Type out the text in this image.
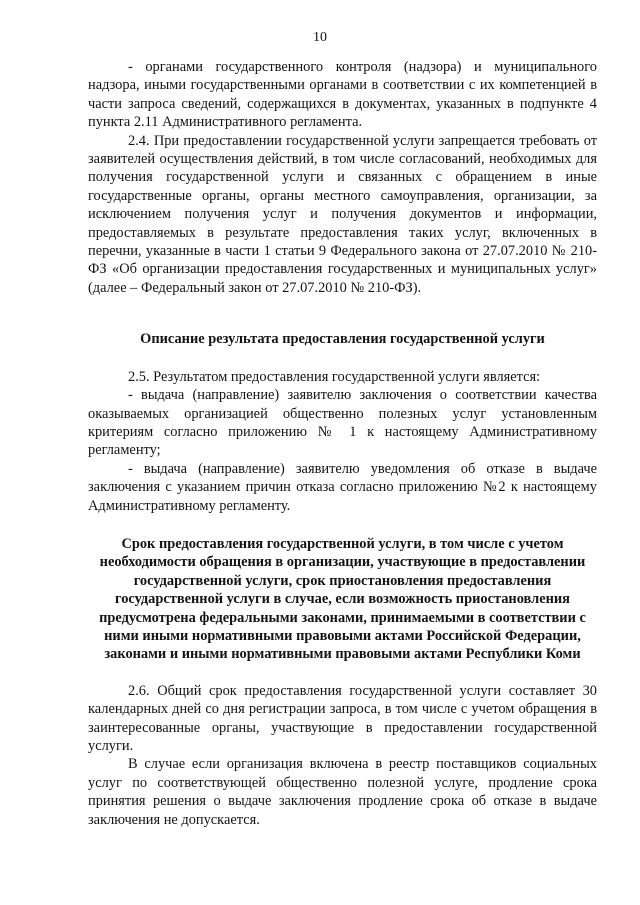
10

- органами государственного контроля (надзора) и муниципального надзора, иными государственными органами в соответствии с их компетенцией в части запроса сведений, содержащихся в документах, указанных в подпункте 4 пункта 2.11 Административного регламента.

2.4. При предоставлении государственной услуги запрещается требовать от заявителей осуществления действий, в том числе согласований, необходимых для получения государственной услуги и связанных с обращением в иные государственные органы, органы местного самоуправления, организации, за исключением получения услуг и получения документов и информации, предоставляемых в результате предоставления таких услуг, включенных в перечни, указанные в части 1 статьи 9 Федерального закона от 27.07.2010 № 210-ФЗ «Об организации предоставления государственных и муниципальных услуг» (далее – Федеральный закон от 27.07.2010 № 210-ФЗ).

Описание результата предоставления государственной услуги

2.5. Результатом предоставления государственной услуги является:

- выдача (направление) заявителю заключения о соответствии качества оказываемых организацией общественно полезных услуг установленным критериям согласно приложению № 1 к настоящему Административному регламенту;

- выдача (направление) заявителю уведомления об отказе в выдаче заключения с указанием причин отказа согласно приложению №2 к настоящему Административному регламенту.

Срок предоставления государственной услуги, в том числе с учетом необходимости обращения в организации, участвующие в предоставлении государственной услуги, срок приостановления предоставления государственной услуги в случае, если возможность приостановления предусмотрена федеральными законами, принимаемыми в соответствии с ними иными нормативными правовыми актами Российской Федерации, законами и иными нормативными правовыми актами Республики Коми

2.6. Общий срок предоставления государственной услуги составляет 30 календарных дней со дня регистрации запроса, в том числе с учетом обращения в заинтересованные органы, участвующие в предоставлении государственной услуги.

В случае если организация включена в реестр поставщиков социальных услуг по соответствующей общественно полезной услуге, продление срока принятия решения о выдаче заключения продление срока об отказе в выдаче заключения не допускается.
